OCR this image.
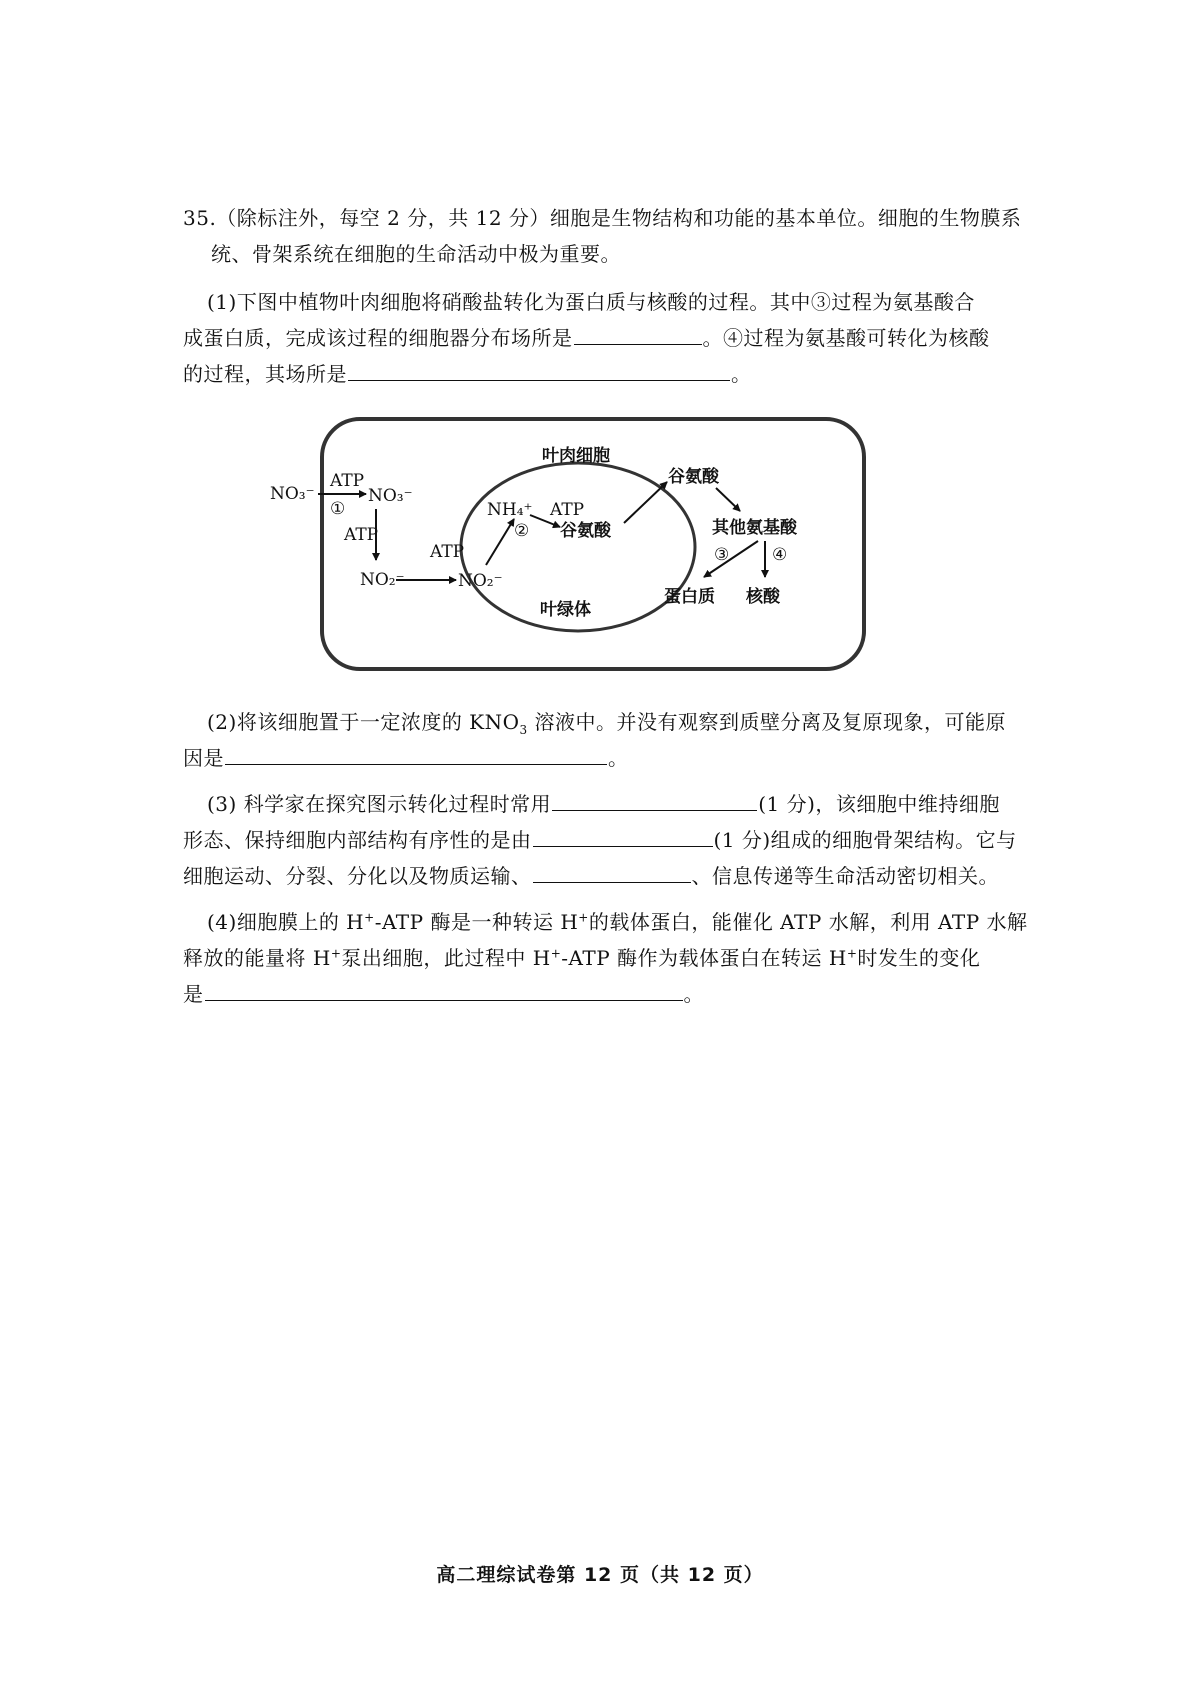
35.（除标注外，每空 2 分，共 12 分）细胞是生物结构和功能的基本单位。细胞的生物膜系
统、骨架系统在细胞的生命活动中极为重要。
(1)下图中植物叶肉细胞将硝酸盐转化为蛋白质与核酸的过程。其中③过程为氨基酸合
成蛋白质，完成该过程的细胞器分布场所是	。④过程为氨基酸可转化为核酸
的过程，其场所是	。
叶肉细胞
叶绿体
NO₃⁻
ATP
①
NO₃⁻
ATP
NO₂⁻
ATP
NO₂⁻
NH₄⁺ ATP
② 谷氨酸
谷氨酸
其他氨基酸
③	④
蛋白质 核酸
(2)将该细胞置于一定浓度的 $KNO_3$ 溶液中。并没有观察到质壁分离及复原现象，可能原
因是	。
(3) 科学家在探究图示转化过程时常用	(1 分)，该细胞中维持细胞
形态、保持细胞内部结构有序性的是由	(1 分)组成的细胞骨架结构。它与
细胞运动、分裂、分化以及物质运输、	、信息传递等生命活动密切相关。
(4)细胞膜上的 H+-ATP 酶是一种转运 H+的载体蛋白，能催化 ATP 水解，利用 ATP 水解
释放的能量将 H+泵出细胞，此过程中 H+-ATP 酶作为载体蛋白在转运 H+时发生的变化
是	。
高二理综试卷第 12 页（共 12 页）
